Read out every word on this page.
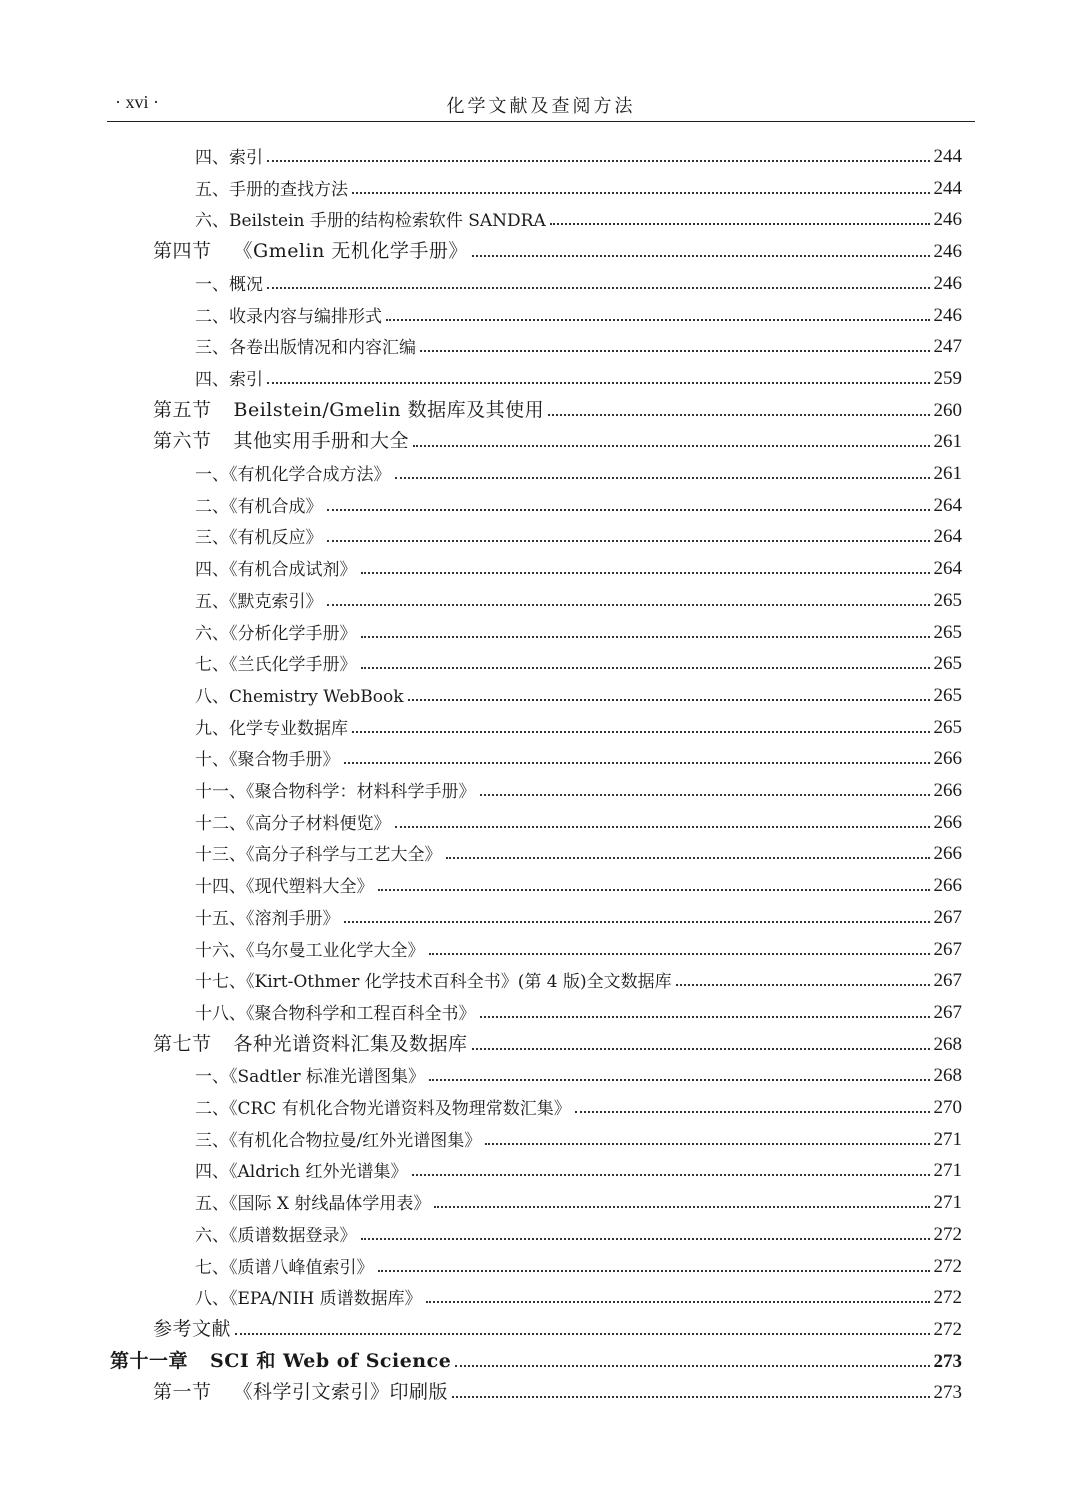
· xvi ·	化学文献及查阅方法
四、索引	244
五、手册的查找方法	244
六、Beilstein 手册的结构检索软件 SANDRA	246
第四节 《Gmelin 无机化学手册》	246
一、概况	246
二、收录内容与编排形式	246
三、各卷出版情况和内容汇编	247
四、索引	259
第五节 Beilstein/Gmelin 数据库及其使用	260
第六节 其他实用手册和大全	261
一、《有机化学合成方法》	261
二、《有机合成》	264
三、《有机反应》	264
四、《有机合成试剂》	264
五、《默克索引》	265
六、《分析化学手册》	265
七、《兰氏化学手册》	265
八、Chemistry WebBook	265
九、化学专业数据库	265
十、《聚合物手册》	266
十一、《聚合物科学：材料科学手册》	266
十二、《高分子材料便览》	266
十三、《高分子科学与工艺大全》	266
十四、《现代塑料大全》	266
十五、《溶剂手册》	267
十六、《乌尔曼工业化学大全》	267
十七、《Kirt-Othmer 化学技术百科全书》(第 4 版)全文数据库	267
十八、《聚合物科学和工程百科全书》	267
第七节 各种光谱资料汇集及数据库	268
一、《Sadtler 标准光谱图集》	268
二、《CRC 有机化合物光谱资料及物理常数汇集》	270
三、《有机化合物拉曼/红外光谱图集》	271
四、《Aldrich 红外光谱集》	271
五、《国际 X 射线晶体学用表》	271
六、《质谱数据登录》	272
七、《质谱八峰值索引》	272
八、《EPA/NIH 质谱数据库》	272
参考文献	272
第十一章 SCI 和 Web of Science	273
第一节 《科学引文索引》印刷版	273
